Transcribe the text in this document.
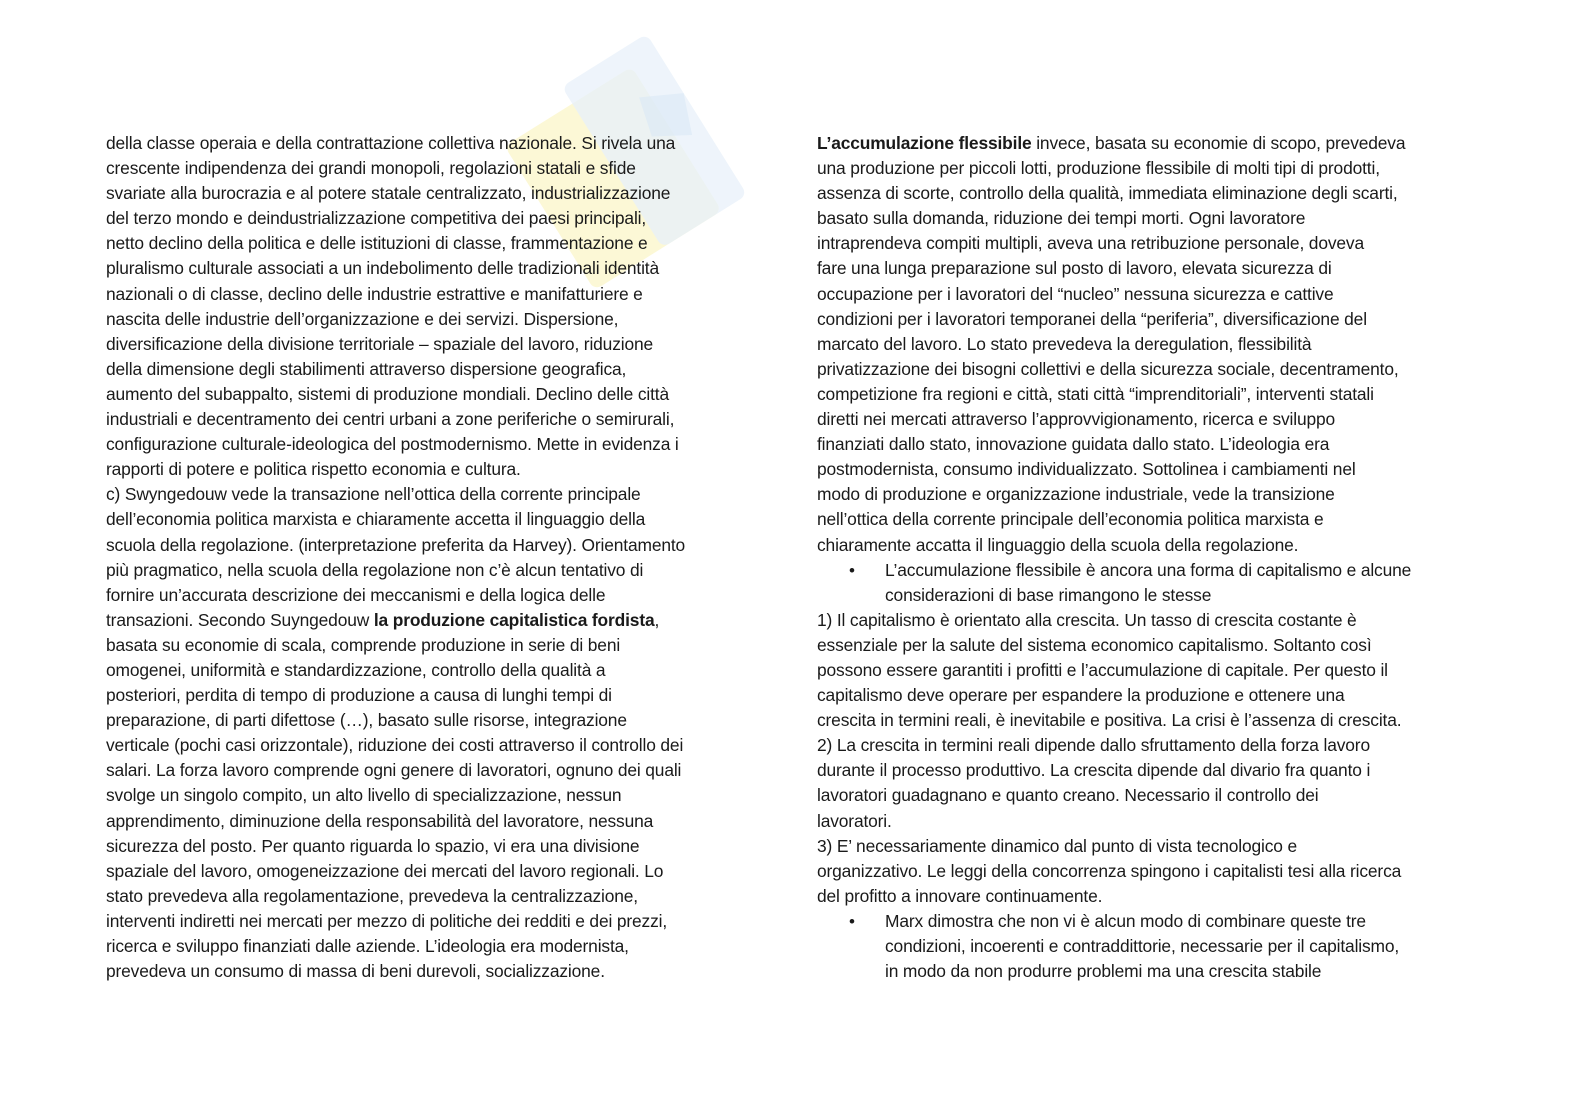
della classe operaia e della contrattazione collettiva nazionale. Si rivela una
crescente indipendenza dei grandi monopoli, regolazioni statali e sfide
svariate alla burocrazia e al potere statale centralizzato, industrializzazione
del terzo mondo e deindustrializzazione competitiva dei paesi principali,
netto declino della politica e delle istituzioni di classe, frammentazione e
pluralismo culturale associati a un indebolimento delle tradizionali identità
nazionali o di classe, declino delle industrie estrattive e manifatturiere e
nascita delle industrie dell’organizzazione e dei servizi. Dispersione,
diversificazione della divisione territoriale – spaziale del lavoro, riduzione
della dimensione degli stabilimenti attraverso dispersione geografica,
aumento del subappalto, sistemi di produzione mondiali. Declino delle città
industriali e decentramento dei centri urbani a zone periferiche o semirurali,
configurazione culturale-ideologica del postmodernismo. Mette in evidenza i
rapporti di potere e politica rispetto economia e cultura.
c) Swyngedouw vede la transazione nell’ottica della corrente principale
dell’economia politica marxista e chiaramente accetta il linguaggio della
scuola della regolazione. (interpretazione preferita da Harvey). Orientamento
più pragmatico, nella scuola della regolazione non c’è alcun tentativo di
fornire un’accurata descrizione dei meccanismi e della logica delle
transazioni. Secondo Suyngedouw la produzione capitalistica fordista,
basata su economie di scala, comprende produzione in serie di beni
omogenei, uniformità e standardizzazione, controllo della qualità a
posteriori, perdita di tempo di produzione a causa di lunghi tempi di
preparazione, di parti difettose (…), basato sulle risorse, integrazione
verticale (pochi casi orizzontale), riduzione dei costi attraverso il controllo dei
salari. La forza lavoro comprende ogni genere di lavoratori, ognuno dei quali
svolge un singolo compito, un alto livello di specializzazione, nessun
apprendimento, diminuzione della responsabilità del lavoratore, nessuna
sicurezza del posto. Per quanto riguarda lo spazio, vi era una divisione
spaziale del lavoro, omogeneizzazione dei mercati del lavoro regionali. Lo
stato prevedeva alla regolamentazione, prevedeva la centralizzazione,
interventi indiretti nei mercati per mezzo di politiche dei redditi e dei prezzi,
ricerca e sviluppo finanziati dalle aziende. L’ideologia era modernista,
prevedeva un consumo di massa di beni durevoli, socializzazione.
L’accumulazione flessibile invece, basata su economie di scopo, prevedeva
una produzione per piccoli lotti, produzione flessibile di molti tipi di prodotti,
assenza di scorte, controllo della qualità, immediata eliminazione degli scarti,
basato sulla domanda, riduzione dei tempi morti. Ogni lavoratore
intraprendeva compiti multipli, aveva una retribuzione personale, doveva
fare una lunga preparazione sul posto di lavoro, elevata sicurezza di
occupazione per i lavoratori del “nucleo” nessuna sicurezza e cattive
condizioni per i lavoratori temporanei della “periferia”, diversificazione del
marcato del lavoro. Lo stato prevedeva la deregulation, flessibilità
privatizzazione dei bisogni collettivi e della sicurezza sociale, decentramento,
competizione fra regioni e città, stati città “imprenditoriali”, interventi statali
diretti nei mercati attraverso l’approvvigionamento, ricerca e sviluppo
finanziati dallo stato, innovazione guidata dallo stato. L’ideologia era
postmodernista, consumo individualizzato. Sottolinea i cambiamenti nel
modo di produzione e organizzazione industriale, vede la transizione
nell’ottica della corrente principale dell’economia politica marxista e
chiaramente accatta il linguaggio della scuola della regolazione.
• L’accumulazione flessibile è ancora una forma di capitalismo e alcune
considerazioni di base rimangono le stesse
1) Il capitalismo è orientato alla crescita. Un tasso di crescita costante è
essenziale per la salute del sistema economico capitalismo. Soltanto così
possono essere garantiti i profitti e l’accumulazione di capitale. Per questo il
capitalismo deve operare per espandere la produzione e ottenere una
crescita in termini reali, è inevitabile e positiva. La crisi è l’assenza di crescita.
2) La crescita in termini reali dipende dallo sfruttamento della forza lavoro
durante il processo produttivo. La crescita dipende dal divario fra quanto i
lavoratori guadagnano e quanto creano. Necessario il controllo dei
lavoratori.
3) E’ necessariamente dinamico dal punto di vista tecnologico e
organizzativo. Le leggi della concorrenza spingono i capitalisti tesi alla ricerca
del profitto a innovare continuamente.
• Marx dimostra che non vi è alcun modo di combinare queste tre
condizioni, incoerenti e contraddittorie, necessarie per il capitalismo,
in modo da non produrre problemi ma una crescita stabile
